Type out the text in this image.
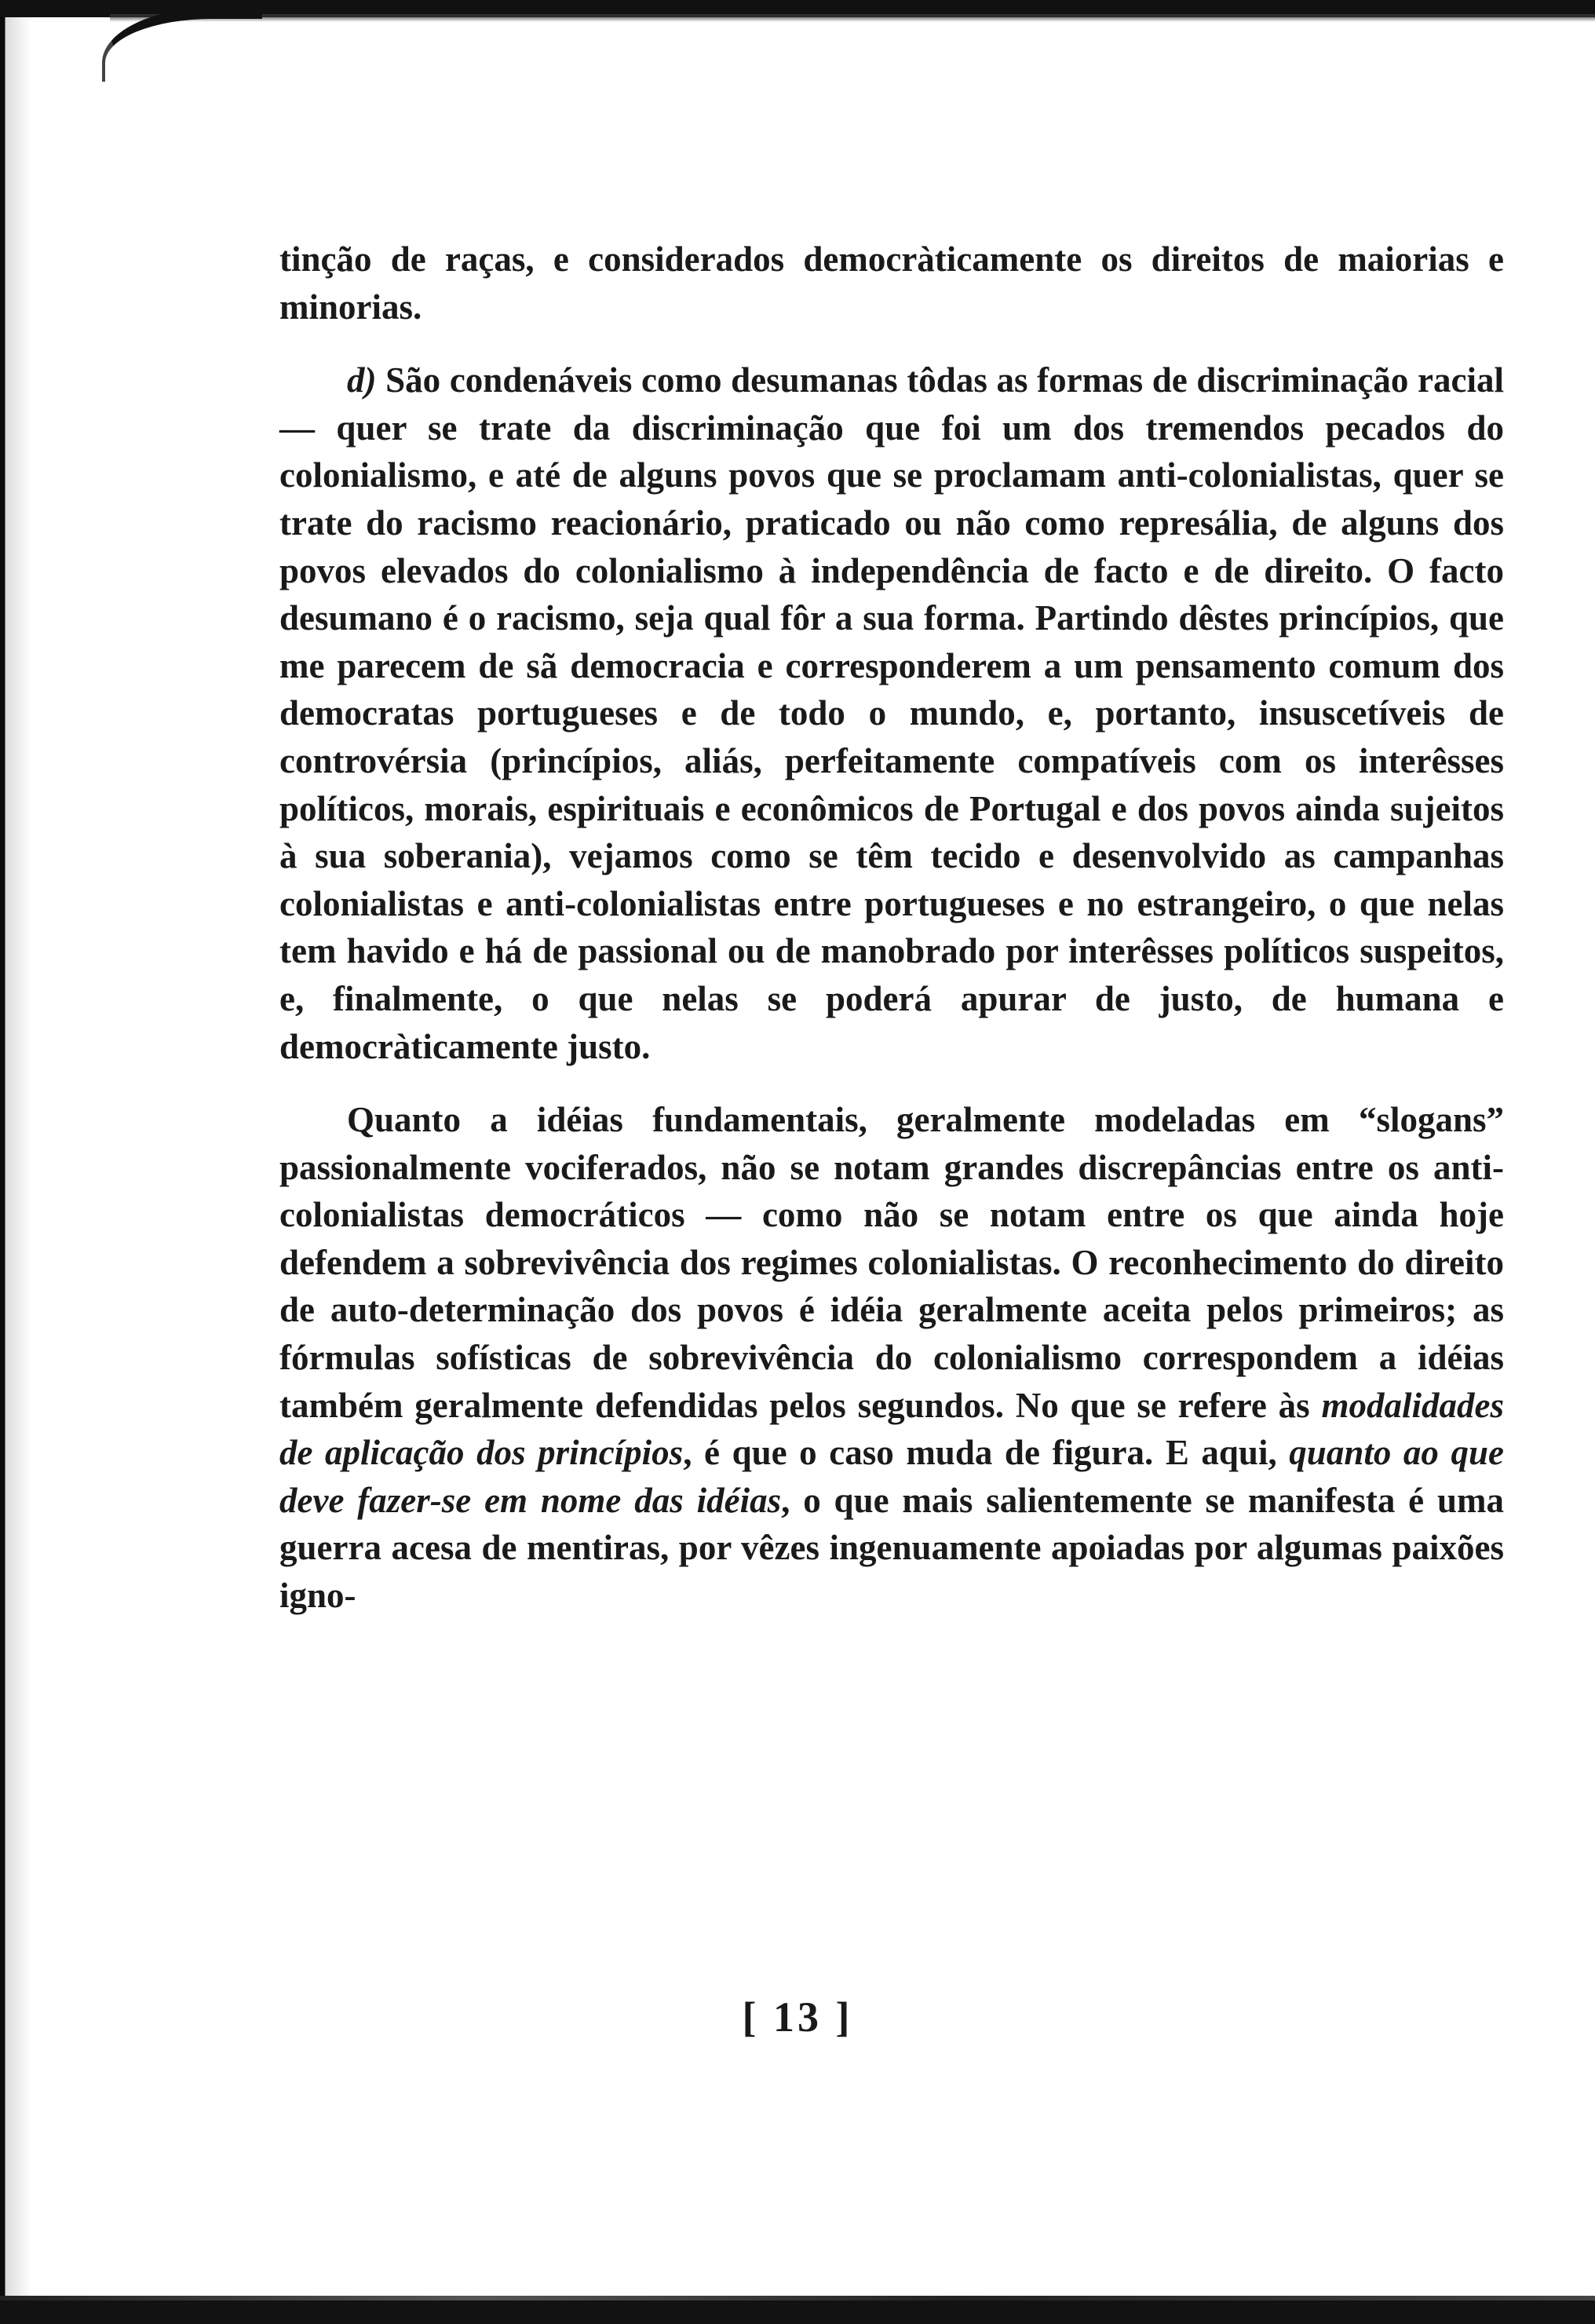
tinção de raças, e considerados democràticamente os direitos de maiorias e minorias.

d) São condenáveis como desumanas tôdas as formas de discriminação racial — quer se trate da discriminação que foi um dos tremendos pecados do colonialismo, e até de alguns povos que se proclamam anti-colonialistas, quer se trate do racismo reacionário, praticado ou não como represália, de alguns dos povos elevados do colonialismo à independência de facto e de direito. O facto desumano é o racismo, seja qual fôr a sua forma. Partindo dêstes princípios, que me parecem de sã democracia e corresponderem a um pensamento comum dos democratas portugueses e de todo o mundo, e, portanto, insuscetíveis de controvérsia (princípios, aliás, perfeitamente compatíveis com os interêsses políticos, morais, espirituais e econômicos de Portugal e dos povos ainda sujeitos à sua soberania), vejamos como se têm tecido e desenvolvido as campanhas colonialistas e anti-colonialistas entre portugueses e no estrangeiro, o que nelas tem havido e há de passional ou de manobrado por interêsses políticos suspeitos, e, finalmente, o que nelas se poderá apurar de justo, de humana e democràticamente justo.

Quanto a idéias fundamentais, geralmente modeladas em “slogans” passionalmente vociferados, não se notam grandes discrepâncias entre os anti-colonialistas democráticos — como não se notam entre os que ainda hoje defendem a sobrevivência dos regimes colonialistas. O reconhecimento do direito de auto-determinação dos povos é idéia geralmente aceita pelos primeiros; as fórmulas sofísticas de sobrevivência do colonialismo correspondem a idéias também geralmente defendidas pelos segundos. No que se refere às modalidades de aplicação dos princípios, é que o caso muda de figura. E aqui, quanto ao que deve fazer-se em nome das idéias, o que mais salientemente se manifesta é uma guerra acesa de mentiras, por vêzes ingenuamente apoiadas por algumas paixões igno-

[ 13 ]
